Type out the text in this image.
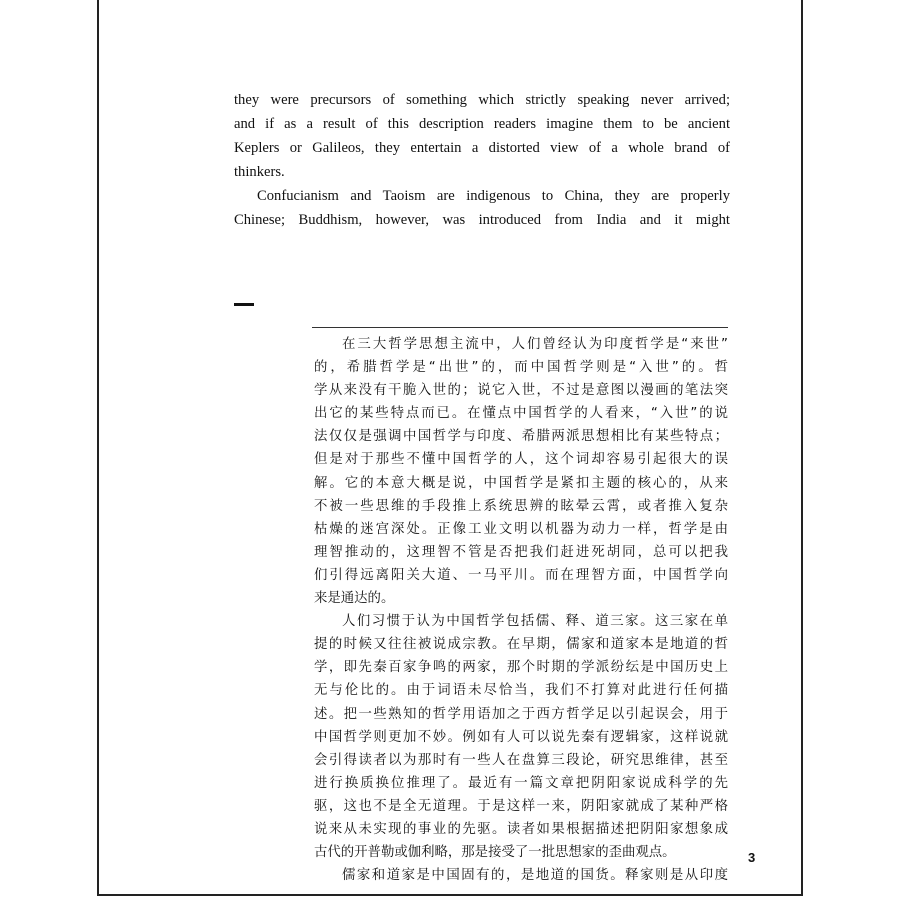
they were precursors of something which strictly speaking never arrived;
and if as a result of this description readers imagine them to be ancient
Keplers or Galileos, they entertain a distorted view of a whole brand of
thinkers.
Confucianism and Taoism are indigenous to China, they are properly
Chinese; Buddhism, however, was introduced from India and it might
在三大哲学思想主流中，人们曾经认为印度哲学是“来世”
的，希腊哲学是“出世”的，而中国哲学则是“入世”的。哲
学从来没有干脆入世的；说它入世，不过是意图以漫画的笔法突
出它的某些特点而已。在懂点中国哲学的人看来，“入世”的说
法仅仅是强调中国哲学与印度、希腊两派思想相比有某些特点；
但是对于那些不懂中国哲学的人，这个词却容易引起很大的误
解。它的本意大概是说，中国哲学是紧扣主题的核心的，从来
不被一些思维的手段推上系统思辨的眩晕云霄，或者推入复杂
枯燥的迷宫深处。正像工业文明以机器为动力一样，哲学是由
理智推动的，这理智不管是否把我们赶进死胡同，总可以把我
们引得远离阳关大道、一马平川。而在理智方面，中国哲学向
来是通达的。
人们习惯于认为中国哲学包括儒、释、道三家。这三家在单
提的时候又往往被说成宗教。在早期，儒家和道家本是地道的哲
学，即先秦百家争鸣的两家，那个时期的学派纷纭是中国历史上
无与伦比的。由于词语未尽恰当，我们不打算对此进行任何描
述。把一些熟知的哲学用语加之于西方哲学足以引起误会，用于
中国哲学则更加不妙。例如有人可以说先秦有逻辑家，这样说就
会引得读者以为那时有一些人在盘算三段论，研究思维律，甚至
进行换质换位推理了。最近有一篇文章把阴阳家说成科学的先
驱，这也不是全无道理。于是这样一来，阴阳家就成了某种严格
说来从未实现的事业的先驱。读者如果根据描述把阴阳家想象成
古代的开普勒或伽利略，那是接受了一批思想家的歪曲观点。
儒家和道家是中国固有的，是地道的国货。释家则是从印度
3
